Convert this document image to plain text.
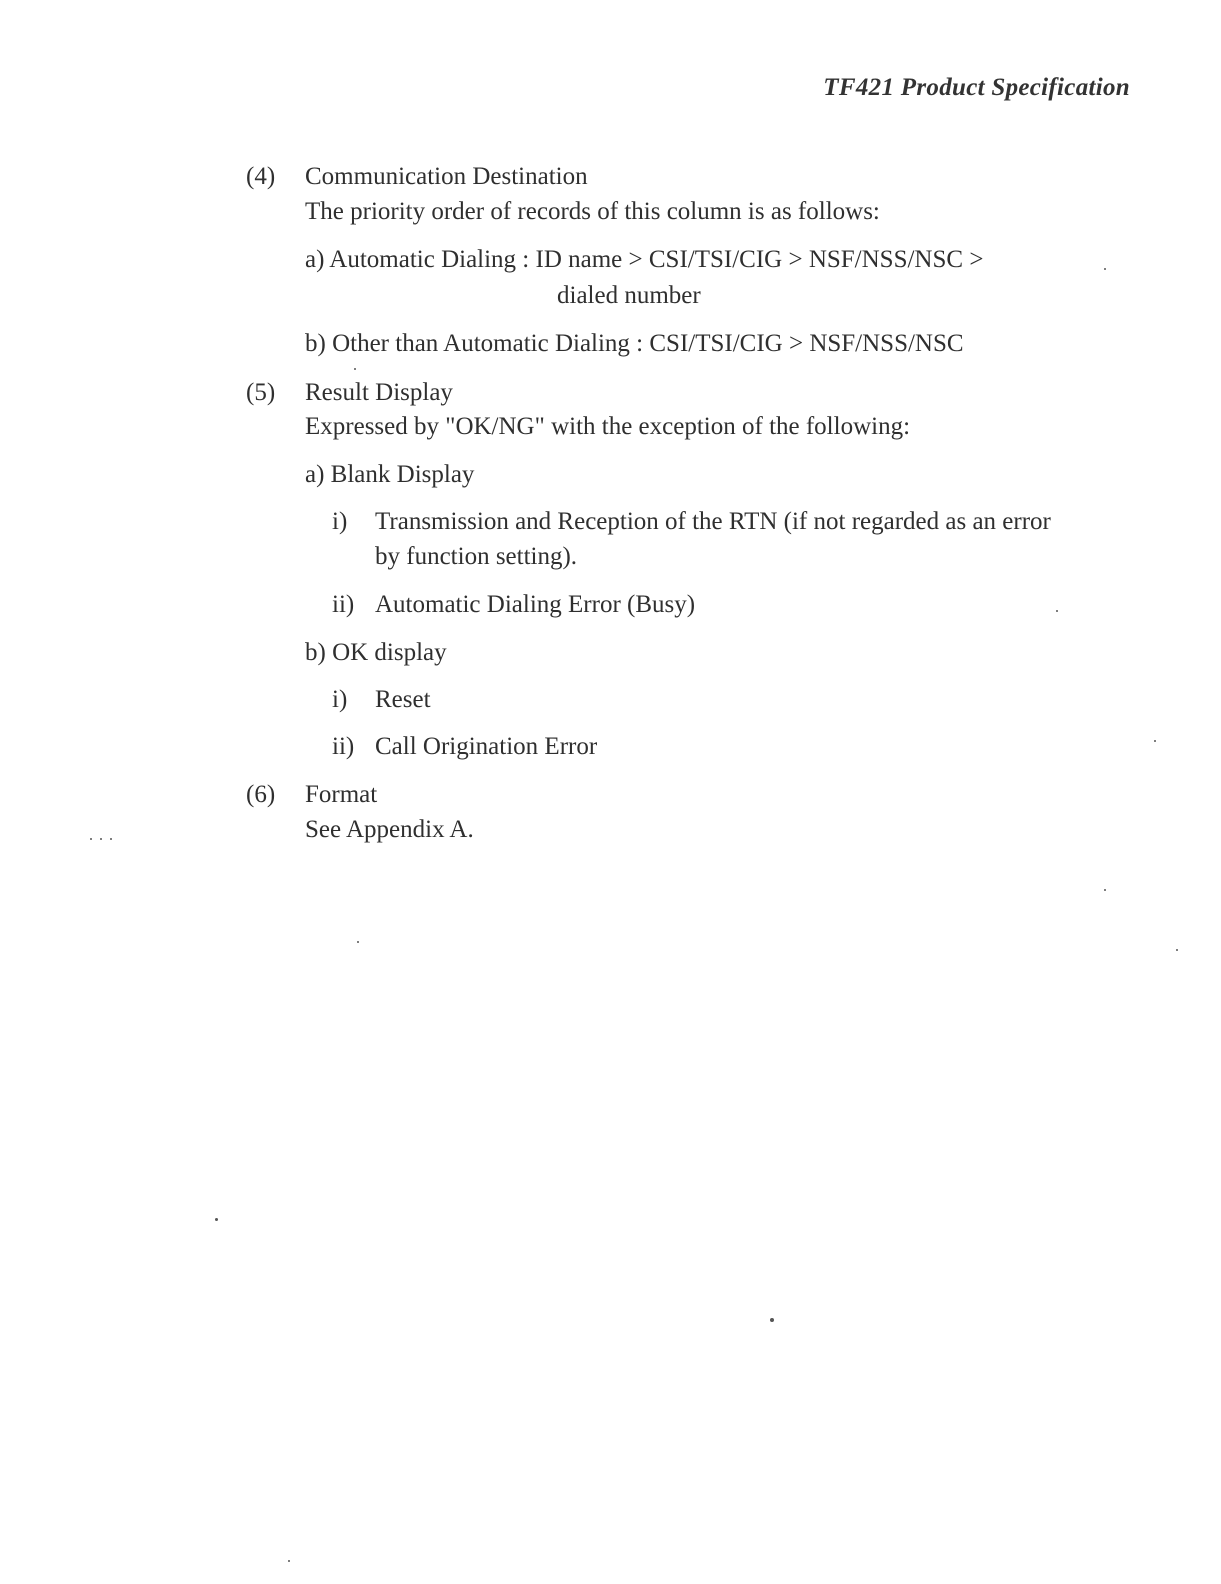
TF421 Product Specification
(4) Communication Destination
The priority order of records of this column is as follows:
a) Automatic Dialing : ID name > CSI/TSI/CIG > NSF/NSS/NSC >
dialed number
b) Other than Automatic Dialing : CSI/TSI/CIG > NSF/NSS/NSC
(5) Result Display
Expressed by "OK/NG" with the exception of the following:
a) Blank Display
i) Transmission and Reception of the RTN (if not regarded as an error
by function setting).
ii) Automatic Dialing Error (Busy)
b) OK display
i) Reset
ii) Call Origination Error
(6) Format
See Appendix A.
